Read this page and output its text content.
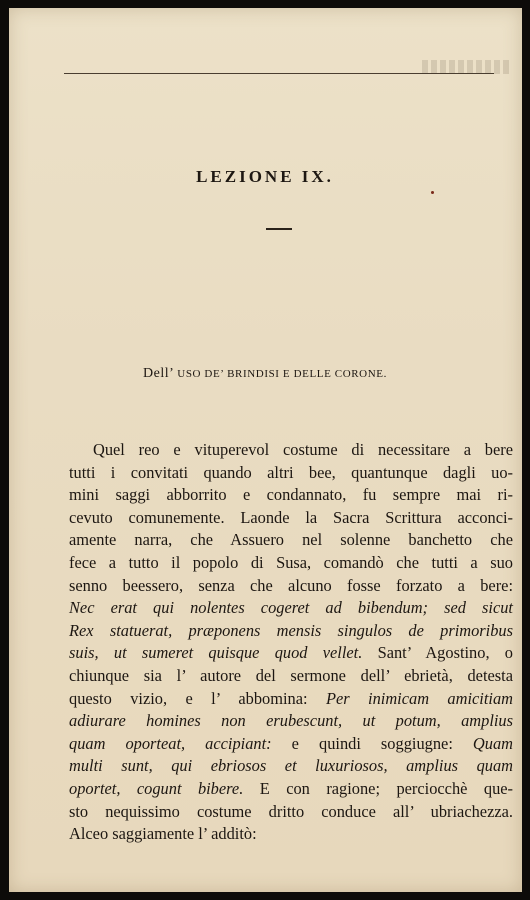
LEZIONE IX.
Dell’ USO DE’ BRINDISI E DELLE CORONE.
Quel reo e vituperevol costume di necessitare a bere
tutti i convitati quando altri bee, quantunque dagli uo-
mini saggi abborrito e condannato, fu sempre mai ri-
cevuto comunemente. Laonde la Sacra Scrittura acconci-
amente narra, che Assuero nel solenne banchetto che
fece a tutto il popolo di Susa, comandò che tutti a suo
senno beessero, senza che alcuno fosse forzato a bere:
Nec erat qui nolentes cogeret ad bibendum; sed sicut
Rex statuerat, præponens mensis singulos de primoribus
suis, ut sumeret quisque quod vellet. Sant’ Agostino, o
chiunque sia l’ autore del sermone dell’ ebrietà, detesta
questo vizio, e l’ abbomina: Per inimicam amicitiam
adiurare homines non erubescunt, ut potum, amplius
quam oporteat, accipiant: e quindi soggiugne: Quam
multi sunt, qui ebriosos et luxuriosos, amplius quam
oportet, cogunt bibere. E con ragione; perciocchè que-
sto nequissimo costume dritto conduce all’ ubriachezza.
Alceo saggiamente l’ additò:
